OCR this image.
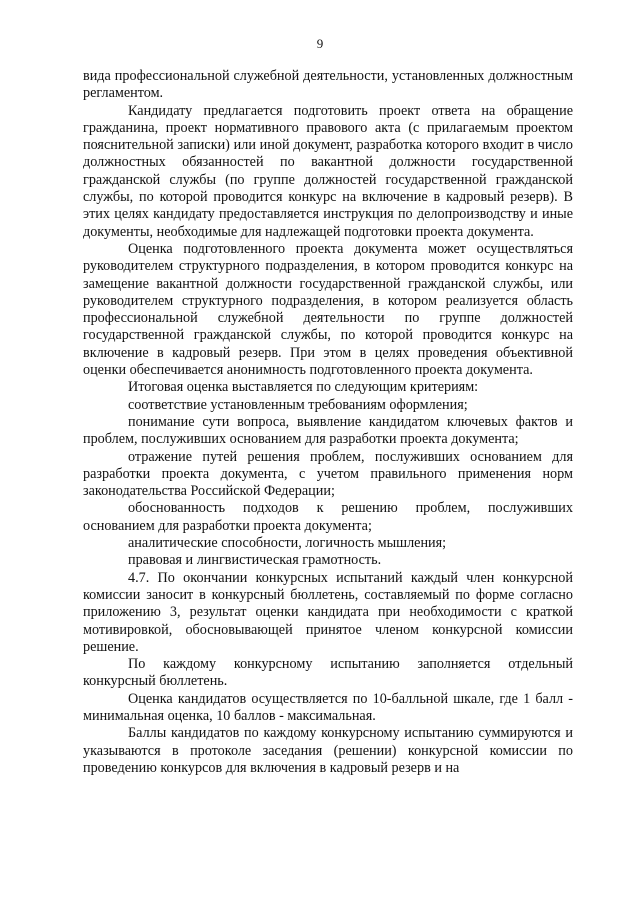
9

вида профессиональной служебной деятельности, установленных должностным регламентом.

Кандидату предлагается подготовить проект ответа на обращение гражданина, проект нормативного правового акта (с прилагаемым проектом пояснительной записки) или иной документ, разработка которого входит в число должностных обязанностей по вакантной должности государственной гражданской службы (по группе должностей государственной гражданской службы, по которой проводится конкурс на включение в кадровый резерв). В этих целях кандидату предоставляется инструкция по делопроизводству и иные документы, необходимые для надлежащей подготовки проекта документа.

Оценка подготовленного проекта документа может осуществляться руководителем структурного подразделения, в котором проводится конкурс на замещение вакантной должности государственной гражданской службы, или руководителем структурного подразделения, в котором реализуется область профессиональной служебной деятельности по группе должностей государственной гражданской службы, по которой проводится конкурс на включение в кадровый резерв. При этом в целях проведения объективной оценки обеспечивается анонимность подготовленного проекта документа.

Итоговая оценка выставляется по следующим критериям:

соответствие установленным требованиям оформления;

понимание сути вопроса, выявление кандидатом ключевых фактов и проблем, послуживших основанием для разработки проекта документа;

отражение путей решения проблем, послуживших основанием для разработки проекта документа, с учетом правильного применения норм законодательства Российской Федерации;

обоснованность подходов к решению проблем, послуживших основанием для разработки проекта документа;

аналитические способности, логичность мышления;

правовая и лингвистическая грамотность.

4.7. По окончании конкурсных испытаний каждый член конкурсной комиссии заносит в конкурсный бюллетень, составляемый по форме согласно приложению 3, результат оценки кандидата при необходимости с краткой мотивировкой, обосновывающей принятое членом конкурсной комиссии решение.

По каждому конкурсному испытанию заполняется отдельный конкурсный бюллетень.

Оценка кандидатов осуществляется по 10-балльной шкале, где 1 балл - минимальная оценка, 10 баллов - максимальная.

Баллы кандидатов по каждому конкурсному испытанию суммируются и указываются в протоколе заседания (решении) конкурсной комиссии по проведению конкурсов для включения в кадровый резерв и на
